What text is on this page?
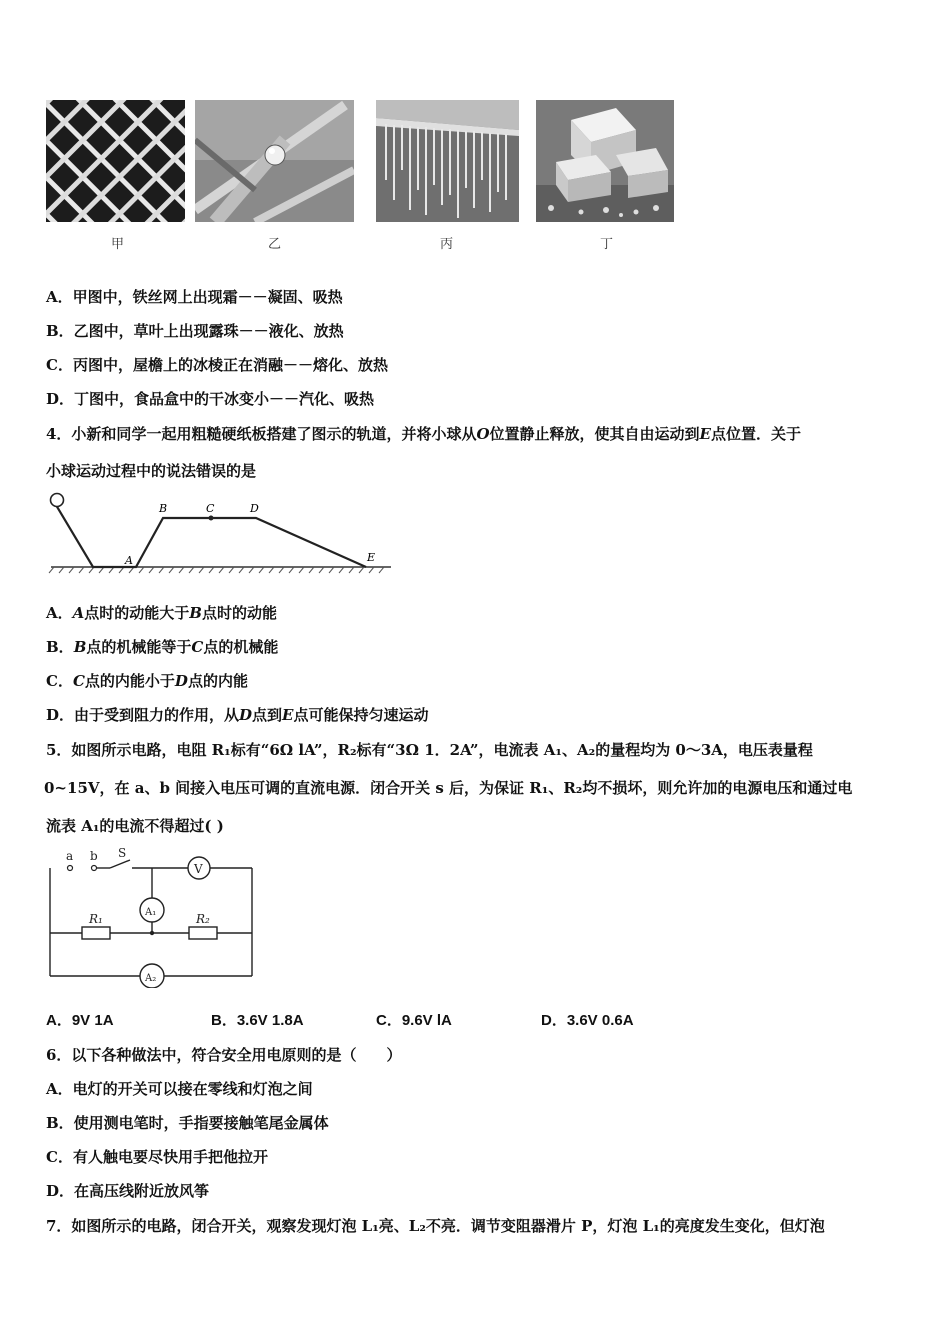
甲	乙	丙	丁
A．甲图中，铁丝网上出现霜－－凝固、吸热
B．乙图中，草叶上出现露珠－－液化、放热
C．丙图中，屋檐上的冰棱正在消融－－熔化、放热
D．丁图中，食品盒中的干冰变小－－汽化、吸热
4．小新和同学一起用粗糙硬纸板搭建了图示的轨道，并将小球从O位置静止释放，使其自由运动到E点位置．关于
小球运动过程中的说法错误的是
A
B	C	D
E
A．A点时的动能大于B点时的动能
B．B点的机械能等于C点的机械能
C．C点的内能小于D点的内能
D．由于受到阻力的作用，从D点到E点可能保持匀速运动
5．如图所示电路，电阻 R₁标有“6Ω lA”，R₂标有“3Ω 1．2A”，电流表 A₁、A₂的量程均为 0～3A，电压表量程
0~15V，在 a、b 间接入电压可调的直流电源．闭合开关 s 后，为保证 R₁、R₂均不损坏，则允许加的电源电压和通过电
流表 A₁的电流不得超过( )
a b S
V
A₁
A₂
R₁	R₂
A．9V 1A	B．3.6V 1.8A	C．9.6V lA	D．3.6V 0.6A
6．以下各种做法中，符合安全用电原则的是（　　）
A．电灯的开关可以接在零线和灯泡之间
B．使用测电笔时，手指要接触笔尾金属体
C．有人触电要尽快用手把他拉开
D．在高压线附近放风筝
7．如图所示的电路，闭合开关，观察发现灯泡 L₁亮、L₂不亮．调节变阻器滑片 P，灯泡 L₁的亮度发生变化，但灯泡
